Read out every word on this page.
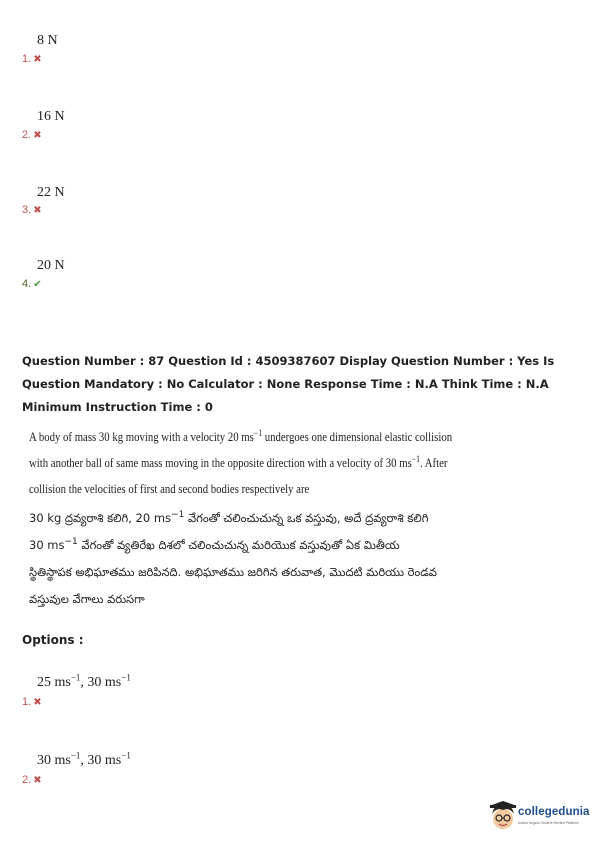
8 N
1. ✖
16 N
2. ✖
22 N
3. ✖
20 N
4. ✔
Question Number : 87 Question Id : 4509387607 Display Question Number : Yes Is Question Mandatory : No Calculator : None Response Time : N.A Think Time : N.A Minimum Instruction Time : 0
A body of mass 30 kg moving with a velocity 20 $ms^{-1}$ undergoes one dimensional elastic collision
with another ball of same mass moving in the opposite direction with a velocity of 30 $ms^{-1}$. After
collision the velocities of first and second bodies respectively are
30 kg ద్రవ్యరాశి కలిగి, 20 $ms^{-1}$ వేగంతో చలించుచున్న ఒక వస్తువు, అదే ద్రవ్యరాశి కలిగి
30 $ms^{-1}$ వేగంతో వ్యతిరేఖ దిశలో చలించుచున్న మరియొక వస్తువుతో ఏక మితీయ
స్థితిస్థాపక అభిఘాతము జరిపినది. అభిఘాతము జరిగిన తరువాత, మొదటి మరియు రెండవ
వస్తువుల వేగాలు వరుసగా
Options :
25 $ms^{-1}$, 30 $ms^{-1}$
1. ✖
30 $ms^{-1}$, 30 $ms^{-1}$
2. ✖
collegedunia
India's largest Student Review Platform
